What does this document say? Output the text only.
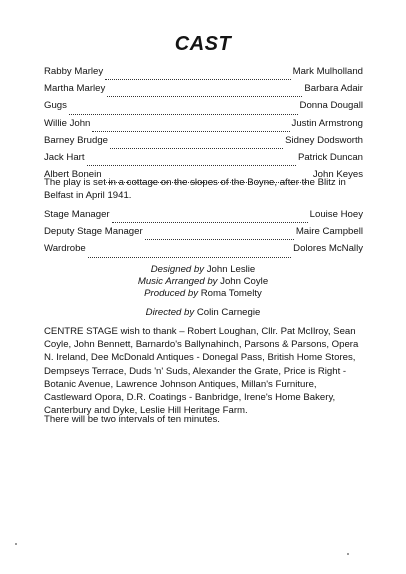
CAST
Rabby Marley	Mark Mulholland
Martha Marley	Barbara Adair
Gugs	Donna Dougall
Willie John	Justin Armstrong
Barney Brudge	Sidney Dodsworth
Jack Hart	Patrick Duncan
Albert Bonein	John Keyes
The play is set in a cottage on the slopes of the Boyne, after the Blitz in Belfast in April 1941.
Stage Manager	Louise Hoey
Deputy Stage Manager	Maire Campbell
Wardrobe	Dolores McNally
Designed by John Leslie
Music Arranged by John Coyle
Produced by Roma Tomelty
Directed by Colin Carnegie
CENTRE STAGE wish to thank – Robert Loughan, Cllr. Pat McIlroy, Sean Coyle, John Bennett, Barnardo's Ballynahinch, Parsons & Parsons, Opera N. Ireland, Dee McDonald Antiques - Donegal Pass, British Home Stores, Dempseys Terrace, Duds 'n' Suds, Alexander the Grate, Price is Right - Botanic Avenue, Lawrence Johnson Antiques, Millan's Furniture, Castleward Opora, D.R. Coatings - Banbridge, Irene's Home Bakery, Canterbury and Dyke, Leslie Hill Heritage Farm.
There will be two intervals of ten minutes.
